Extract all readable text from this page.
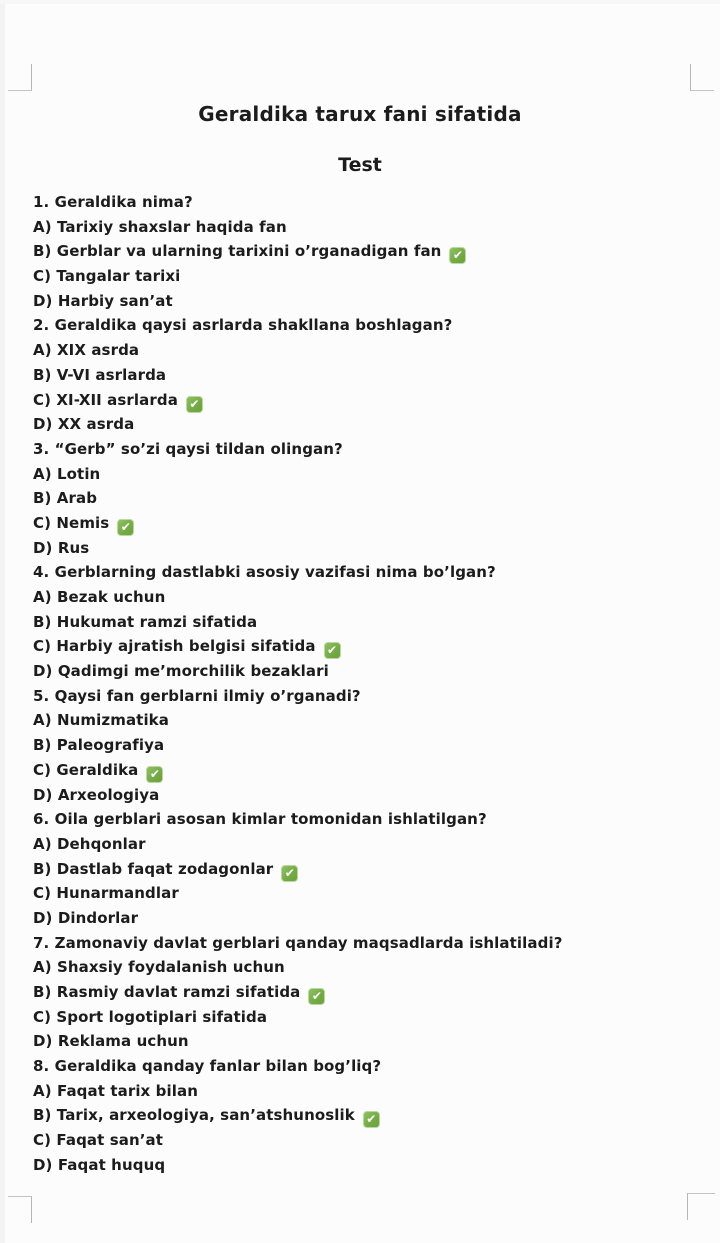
Geraldika tarux fani sifatida
Test
1. Geraldika nima?
A) Tarixiy shaxslar haqida fan
B) Gerblar va ularning tarixini o’rganadigan fan ✔
C) Tangalar tarixi
D) Harbiy san’at
2. Geraldika qaysi asrlarda shakllana boshlagan?
A) XIX asrda
B) V-VI asrlarda
C) XI-XII asrlarda ✔
D) XX asrda
3. “Gerb” so’zi qaysi tildan olingan?
A) Lotin
B) Arab
C) Nemis ✔
D) Rus
4. Gerblarning dastlabki asosiy vazifasi nima bo’lgan?
A) Bezak uchun
B) Hukumat ramzi sifatida
C) Harbiy ajratish belgisi sifatida ✔
D) Qadimgi me’morchilik bezaklari
5. Qaysi fan gerblarni ilmiy o’rganadi?
A) Numizmatika
B) Paleografiya
C) Geraldika ✔
D) Arxeologiya
6. Oila gerblari asosan kimlar tomonidan ishlatilgan?
A) Dehqonlar
B) Dastlab faqat zodagonlar ✔
C) Hunarmandlar
D) Dindorlar
7. Zamonaviy davlat gerblari qanday maqsadlarda ishlatiladi?
A) Shaxsiy foydalanish uchun
B) Rasmiy davlat ramzi sifatida ✔
C) Sport logotiplari sifatida
D) Reklama uchun
8. Geraldika qanday fanlar bilan bog’liq?
A) Faqat tarix bilan
B) Tarix, arxeologiya, san’atshunoslik ✔
C) Faqat san’at
D) Faqat huquq
